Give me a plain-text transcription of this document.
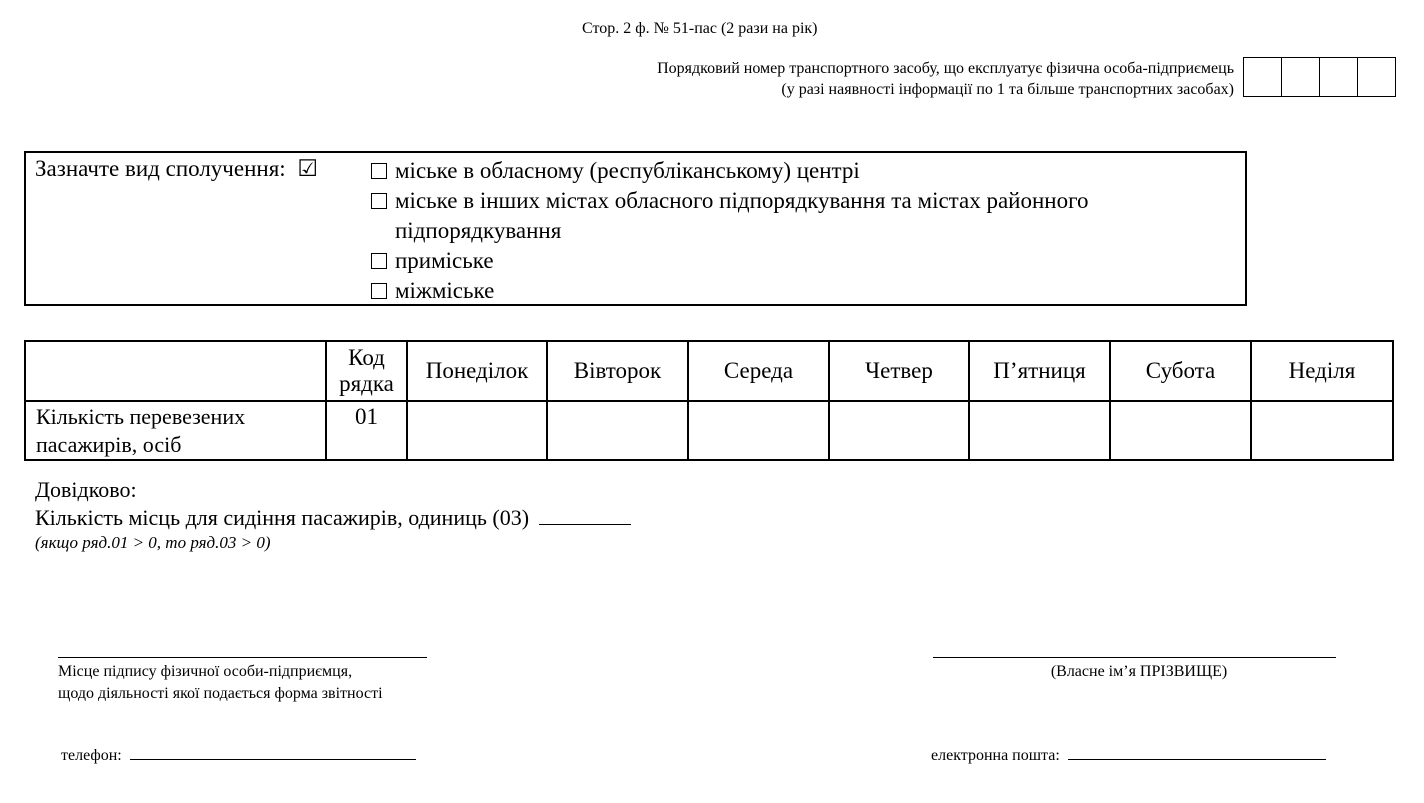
Стор. 2 ф. № 51-пас (2 рази на рік)
Порядковий номер транспортного засобу, що експлуатує фізична особа-підприємець
(у разі наявності інформації по 1 та більше транспортних засобах)
Зазначте вид сполучення: ☑	міське в обласному (республіканському) центрі
міське в інших містах обласного підпорядкування та містах районного підпорядкування
приміське
міжміське
	Код рядка	Понеділок	Вівторок	Середа	Четвер	П’ятниця	Субота	Неділя
Кількість перевезених пасажирів, осіб	01							
Довідково:
Кількість місць для сидіння пасажирів, одиниць (03)
(якщо ряд.01 > 0, то ряд.03 > 0)
Місце підпису фізичної особи-підприємця,
щодо діяльності якої подається форма звітності
(Власне ім’я ПРІЗВИЩЕ)
телефон:	електронна пошта:
